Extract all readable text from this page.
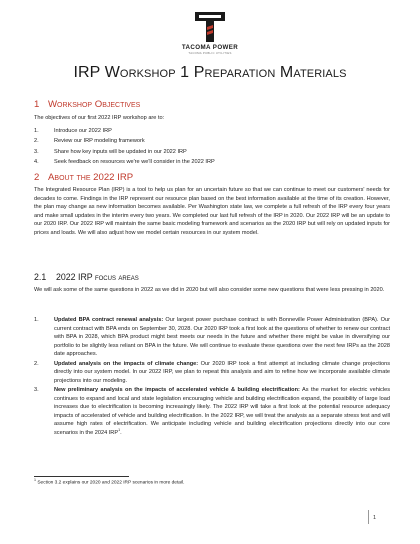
TACOMA POWER
TACOMA PUBLIC UTILITIES
IRP Workshop 1 Preparation Materials
1 Workshop Objectives

The objectives of our first 2022 IRP workshop are to:

1.	Introduce our 2022 IRP
2.	Review our IRP modeling framework
3.	Share how key inputs will be updated in our 2022 IRP
4.	Seek feedback on resources we're we'll consider in the 2022 IRP
2 About the 2022 IRP

The Integrated Resource Plan (IRP) is a tool to help us plan for an uncertain future so that we can continue to meet our customers' needs for decades to come. Findings in the IRP represent our resource plan based on the best information available at the time of its creation. However, the plan may change as new information becomes available. Per Washington state law, we complete a full refresh of the IRP every four years and make small updates in the interim every two years. We completed our last full refresh of the IRP in 2020. Our 2022 IRP will be an update to our 2020 IRP. Our 2022 IRP will maintain the same basic modeling framework and scenarios as the 2020 IRP but will rely on updated inputs for prices and loads. We will also adjust how we model certain resources in our system model.

2.1 2022 IRP focus areas

We will ask some of the same questions in 2022 as we did in 2020 but will also consider some new questions that were less pressing in 2020.

1.	Updated BPA contract renewal analysis: Our largest power purchase contract is with Bonneville Power Administration (BPA). Our current contract with BPA ends on September 30, 2028. Our 2020 IRP took a first look at the questions of whether to renew our contract with BPA in 2028, which BPA product might best meets our needs in the future and whether there might be value in diversifying our portfolio to be slightly less reliant on BPA in the future. We will continue to evaluate these questions over the next few IRPs as the 2028 date approaches.
2.	Updated analysis on the impacts of climate change: Our 2020 IRP took a first attempt at including climate change projections directly into our system model. In our 2022 IRP, we plan to repeat this analysis and aim to refine how we incorporate available climate projections into our modeling.
3.	New preliminary analysis on the impacts of accelerated vehicle & building electrification: As the market for electric vehicles continues to expand and local and state legislation encouraging vehicle and building electrification expand, the possibility of large load increases due to electrification is becoming increasingly likely. The 2022 IRP will take a first look at the potential resource adequacy impacts of accelerated of vehicle and building electrification. In the 2022 IRP, we will treat the analysis as a separate stress test and will assume high rates of electrification. We anticipate including vehicle and building electrification projections directly into our core scenarios in the 2024 IRP$^1$.
$^1$ Section 3.2 explains our 2020 and 2022 IRP scenarios in more detail.
1
